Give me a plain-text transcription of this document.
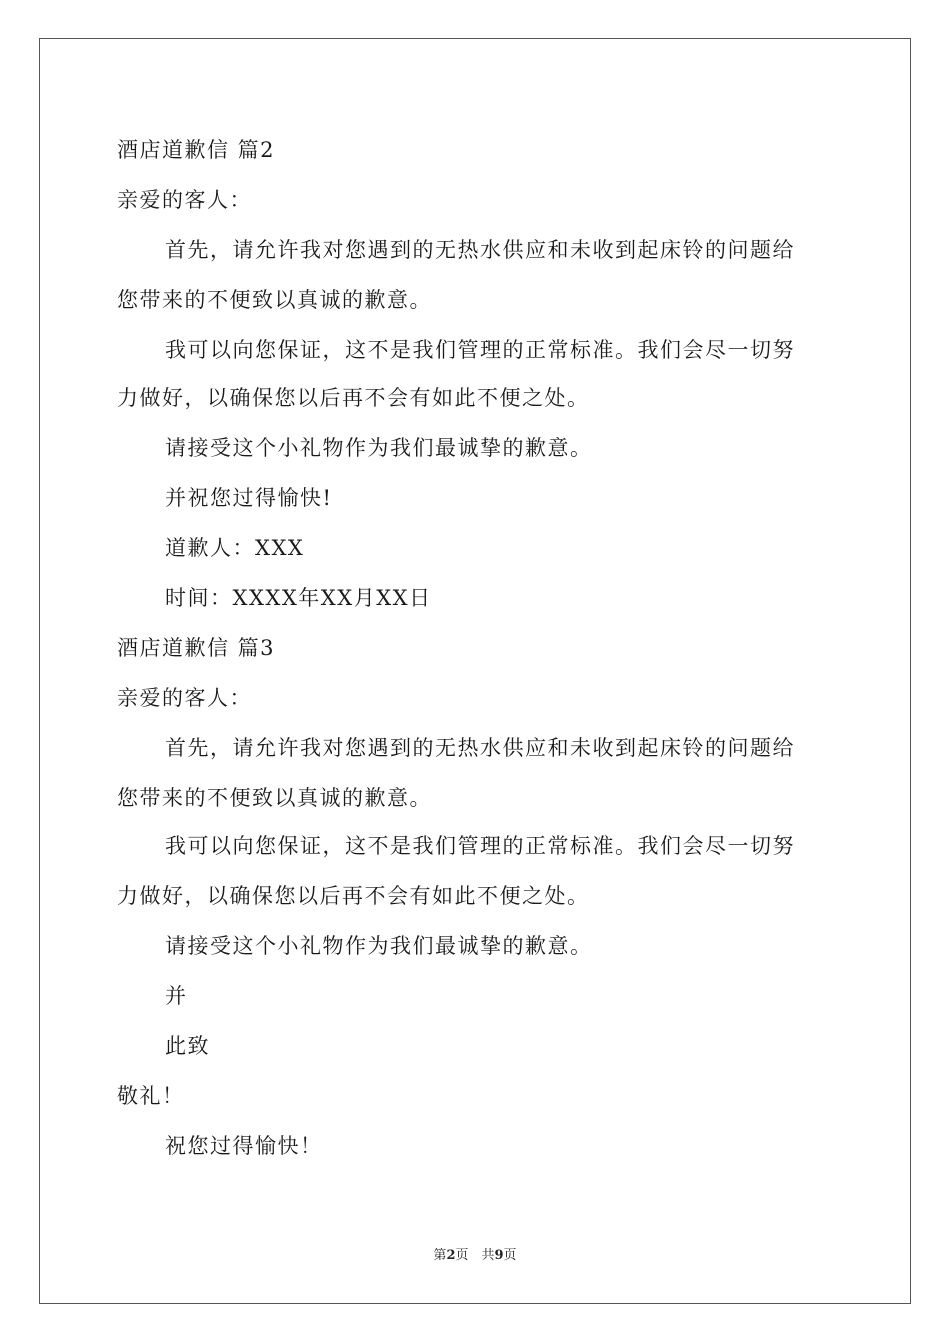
酒店道歉信 篇2
亲爱的客人：
首先，请允许我对您遇到的无热水供应和未收到起床铃的问题给
您带来的不便致以真诚的歉意。
我可以向您保证，这不是我们管理的正常标准。我们会尽一切努
力做好，以确保您以后再不会有如此不便之处。
请接受这个小礼物作为我们最诚挚的歉意。
并祝您过得愉快!
道歉人：XXX
时间：XXXX年XX月XX日
酒店道歉信 篇3
亲爱的客人：
首先，请允许我对您遇到的无热水供应和未收到起床铃的问题给
您带来的不便致以真诚的歉意。
我可以向您保证，这不是我们管理的正常标准。我们会尽一切努
力做好，以确保您以后再不会有如此不便之处。
请接受这个小礼物作为我们最诚挚的歉意。
并
此致
敬礼！
祝您过得愉快！
第2页　共9页
